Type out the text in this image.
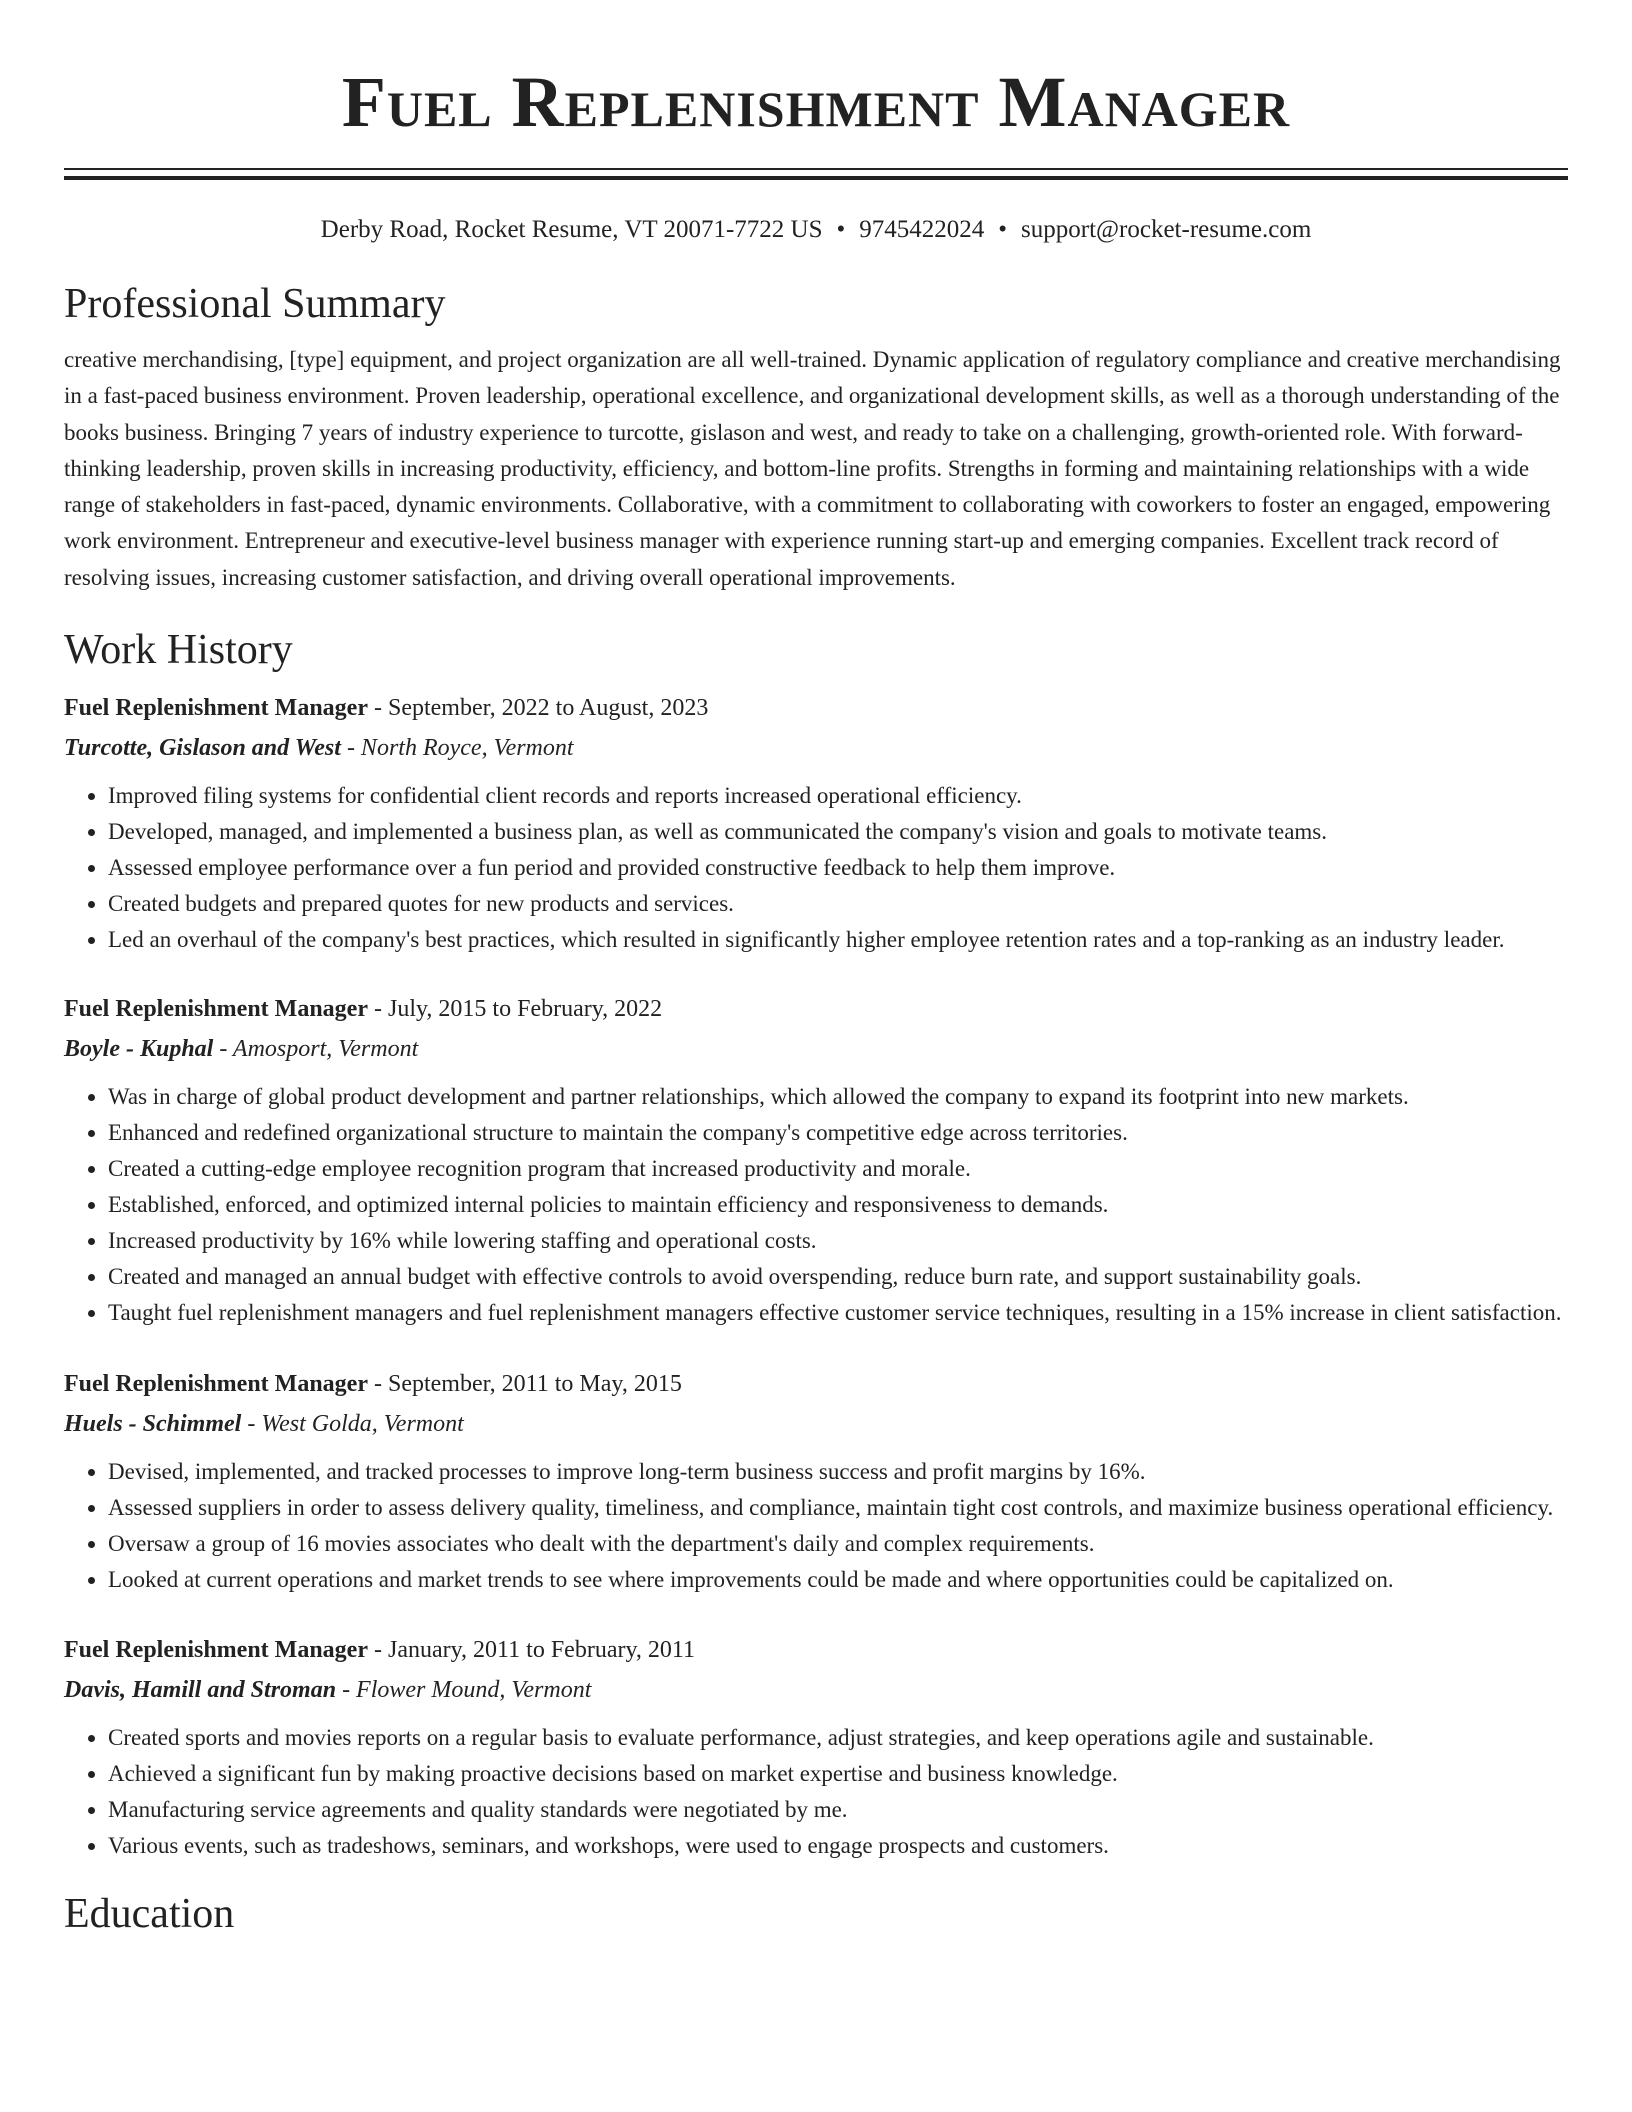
Fuel Replenishment Manager
Derby Road, Rocket Resume, VT 20071-7722 US • 9745422024 • support@rocket-resume.com
Professional Summary
creative merchandising, [type] equipment, and project organization are all well-trained. Dynamic application of regulatory compliance and creative merchandising in a fast-paced business environment. Proven leadership, operational excellence, and organizational development skills, as well as a thorough understanding of the books business. Bringing 7 years of industry experience to turcotte, gislason and west, and ready to take on a challenging, growth-oriented role. With forward-thinking leadership, proven skills in increasing productivity, efficiency, and bottom-line profits. Strengths in forming and maintaining relationships with a wide range of stakeholders in fast-paced, dynamic environments. Collaborative, with a commitment to collaborating with coworkers to foster an engaged, empowering work environment. Entrepreneur and executive-level business manager with experience running start-up and emerging companies. Excellent track record of resolving issues, increasing customer satisfaction, and driving overall operational improvements.
Work History
Fuel Replenishment Manager - September, 2022 to August, 2023
Turcotte, Gislason and West - North Royce, Vermont
• Improved filing systems for confidential client records and reports increased operational efficiency.
• Developed, managed, and implemented a business plan, as well as communicated the company's vision and goals to motivate teams.
• Assessed employee performance over a fun period and provided constructive feedback to help them improve.
• Created budgets and prepared quotes for new products and services.
• Led an overhaul of the company's best practices, which resulted in significantly higher employee retention rates and a top-ranking as an industry leader.
Fuel Replenishment Manager - July, 2015 to February, 2022
Boyle - Kuphal - Amosport, Vermont
• Was in charge of global product development and partner relationships, which allowed the company to expand its footprint into new markets.
• Enhanced and redefined organizational structure to maintain the company's competitive edge across territories.
• Created a cutting-edge employee recognition program that increased productivity and morale.
• Established, enforced, and optimized internal policies to maintain efficiency and responsiveness to demands.
• Increased productivity by 16% while lowering staffing and operational costs.
• Created and managed an annual budget with effective controls to avoid overspending, reduce burn rate, and support sustainability goals.
• Taught fuel replenishment managers and fuel replenishment managers effective customer service techniques, resulting in a 15% increase in client satisfaction.
Fuel Replenishment Manager - September, 2011 to May, 2015
Huels - Schimmel - West Golda, Vermont
• Devised, implemented, and tracked processes to improve long-term business success and profit margins by 16%.
• Assessed suppliers in order to assess delivery quality, timeliness, and compliance, maintain tight cost controls, and maximize business operational efficiency.
• Oversaw a group of 16 movies associates who dealt with the department's daily and complex requirements.
• Looked at current operations and market trends to see where improvements could be made and where opportunities could be capitalized on.
Fuel Replenishment Manager - January, 2011 to February, 2011
Davis, Hamill and Stroman - Flower Mound, Vermont
• Created sports and movies reports on a regular basis to evaluate performance, adjust strategies, and keep operations agile and sustainable.
• Achieved a significant fun by making proactive decisions based on market expertise and business knowledge.
• Manufacturing service agreements and quality standards were negotiated by me.
• Various events, such as tradeshows, seminars, and workshops, were used to engage prospects and customers.
Education
